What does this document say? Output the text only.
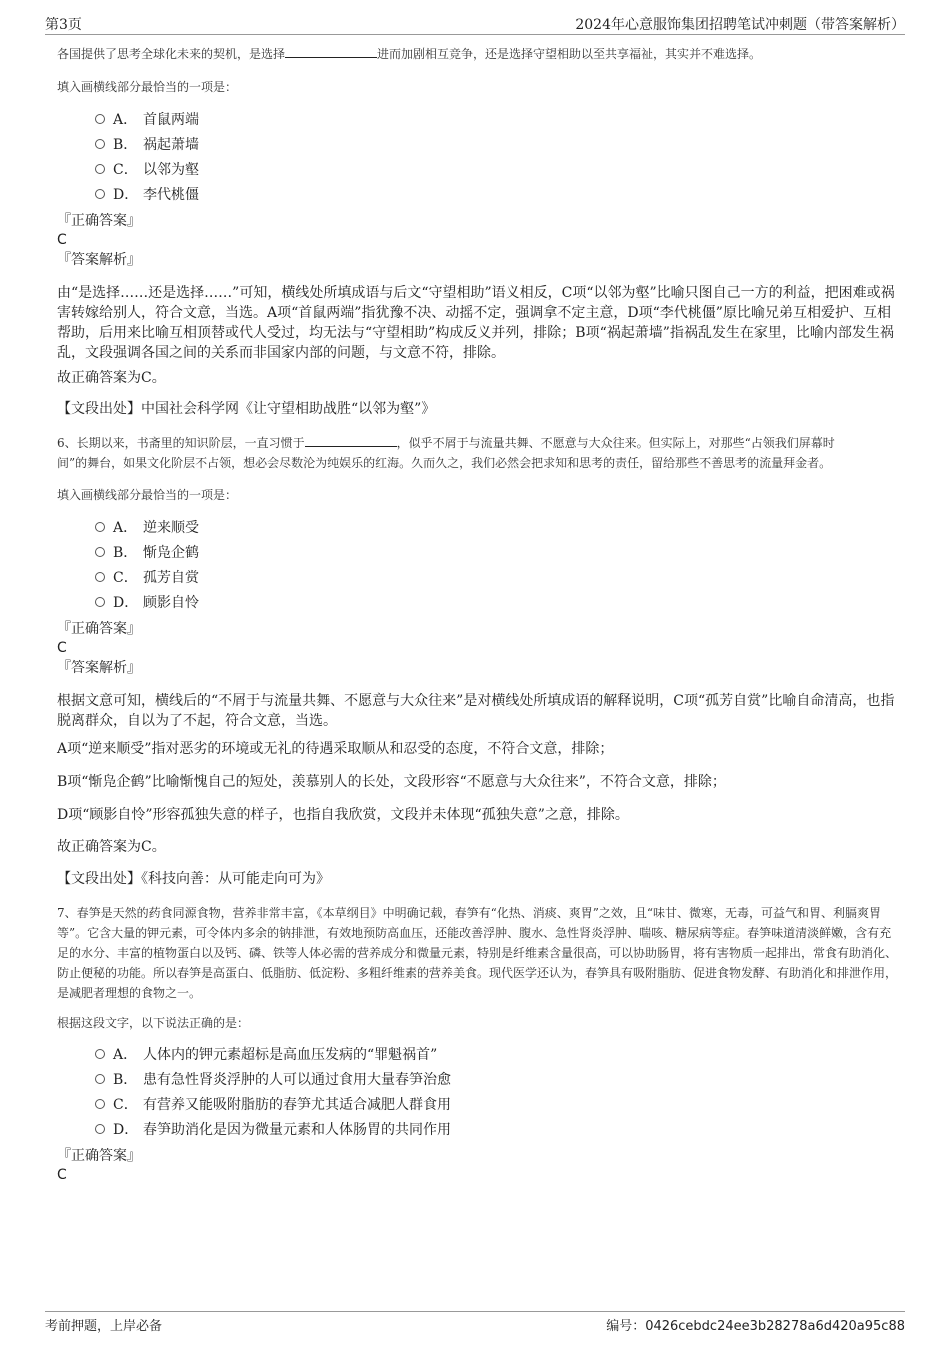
第3页	2024年心意服饰集团招聘笔试冲刺题（带答案解析）
各国提供了思考全球化未来的契机，是选择	进而加剧相互竞争，还是选择守望相助以至共享福祉，其实并不难选择。
填入画横线部分最恰当的一项是：
A． 首鼠两端
B． 祸起萧墙
C． 以邻为壑
D． 李代桃僵
『正确答案』
C
『答案解析』
由“是选择……还是选择……”可知，横线处所填成语与后文“守望相助”语义相反，C项“以邻为壑”比喻只图自己一方的利益，把困难或祸害转嫁给别人，符合文意，当选。A项“首鼠两端”指犹豫不决、动摇不定，强调拿不定主意，D项“李代桃僵”原比喻兄弟互相爱护、互相帮助，后用来比喻互相顶替或代人受过，均无法与“守望相助”构成反义并列，排除；B项“祸起萧墙”指祸乱发生在家里，比喻内部发生祸乱，文段强调各国之间的关系而非国家内部的问题，与文意不符，排除。
故正确答案为C。
【文段出处】中国社会科学网《让守望相助战胜“以邻为壑”》
6、长期以来，书斋里的知识阶层，一直习惯于	，似乎不屑于与流量共舞、不愿意与大众往来。但实际上，对那些“占领我们屏幕时
间”的舞台，如果文化阶层不占领，想必会尽数沦为纯娱乐的红海。久而久之，我们必然会把求知和思考的责任，留给那些不善思考的流量拜金者。
填入画横线部分最恰当的一项是：
A． 逆来顺受
B． 惭凫企鹤
C． 孤芳自赏
D． 顾影自怜
『正确答案』
C
『答案解析』
根据文意可知，横线后的“不屑于与流量共舞、不愿意与大众往来”是对横线处所填成语的解释说明，C项“孤芳自赏”比喻自命清高，也指脱离群众，自以为了不起，符合文意，当选。
A项“逆来顺受”指对恶劣的环境或无礼的待遇采取顺从和忍受的态度，不符合文意，排除；
B项“惭凫企鹤”比喻惭愧自己的短处，羡慕别人的长处，文段形容“不愿意与大众往来”，不符合文意，排除；
D项“顾影自怜”形容孤独失意的样子，也指自我欣赏，文段并未体现“孤独失意”之意，排除。
故正确答案为C。
【文段出处】《科技向善：从可能走向可为》
7、春笋是天然的药食同源食物，营养非常丰富，《本草纲目》中明确记载，春笋有“化热、消痰、爽胃”之效，且“味甘、微寒，无毒，可益气和胃、利膈爽胃等”。它含大量的钾元素，可令体内多余的钠排泄，有效地预防高血压，还能改善浮肿、腹水、急性肾炎浮肿、喘咳、糖尿病等症。春笋味道清淡鲜嫩，含有充足的水分、丰富的植物蛋白以及钙、磷、铁等人体必需的营养成分和微量元素，特别是纤维素含量很高，可以协助肠胃，将有害物质一起排出，常食有助消化、防止便秘的功能。所以春笋是高蛋白、低脂肪、低淀粉、多粗纤维素的营养美食。现代医学还认为，春笋具有吸附脂肪、促进食物发酵、有助消化和排泄作用，是减肥者理想的食物之一。
根据这段文字，以下说法正确的是：
A． 人体内的钾元素超标是高血压发病的“罪魁祸首”
B． 患有急性肾炎浮肿的人可以通过食用大量春笋治愈
C． 有营养又能吸附脂肪的春笋尤其适合减肥人群食用
D． 春笋助消化是因为微量元素和人体肠胃的共同作用
『正确答案』
C
考前押题，上岸必备	编号：0426cebdc24ee3b28278a6d420a95c88
